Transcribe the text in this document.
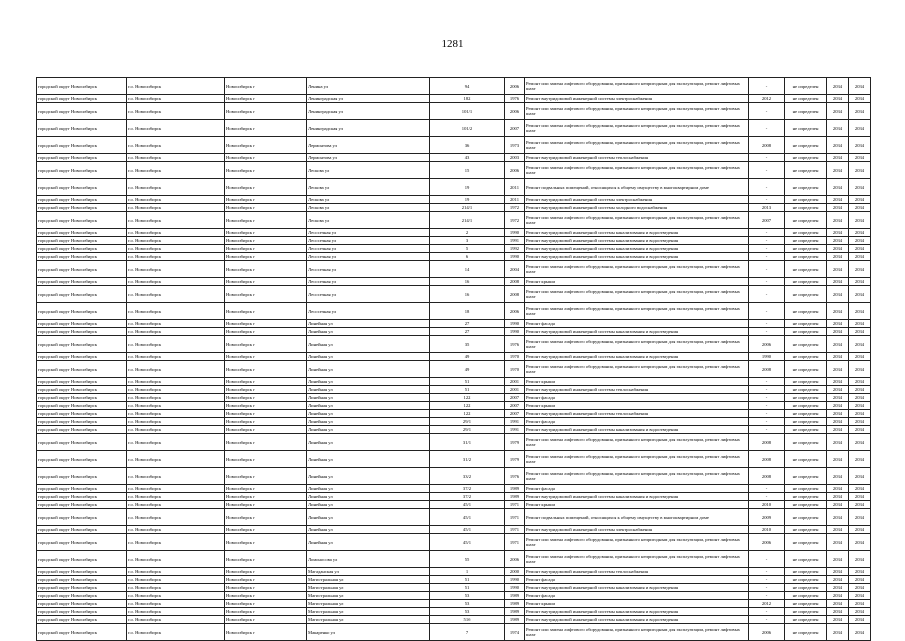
1281
городской округ Новосибирск	г.о. Новосибирск	Новосибирск г	Ленина ул	94	2006	Ремонт или замена лифтового оборудования, признанного непригодным для эксплуатации, ремонт лифтовых шахт	-	не определен	2034	2034
городской округ Новосибирск	г.о. Новосибирск	Новосибирск г	Ленинградская ул	182	1976	Ремонт внутридомовой инженерной системы электроснабжения	2012	не определен	2034	2034
городской округ Новосибирск	г.о. Новосибирск	Новосибирск г	Ленинградская ул	101/1	2006	Ремонт или замена лифтового оборудования, признанного непригодным для эксплуатации, ремонт лифтовых шахт	-	не определен	2034	2034
городской округ Новосибирск	г.о. Новосибирск	Новосибирск г	Ленинградская ул	101/2	2007	Ремонт или замена лифтового оборудования, признанного непригодным для эксплуатации, ремонт лифтовых шахт	-	не определен	2034	2034
городской округ Новосибирск	г.о. Новосибирск	Новосибирск г	Лермонтова ул	36	1973	Ремонт или замена лифтового оборудования, признанного непригодным для эксплуатации, ремонт лифтовых шахт	2008	не определен	2034	2034
городской округ Новосибирск	г.о. Новосибирск	Новосибирск г	Лермонтова ул	43	2003	Ремонт внутридомовой инженерной системы теплоснабжения	-	не определен	2034	2034
городской округ Новосибирск	г.о. Новосибирск	Новосибирск г	Лескова ул	15	2006	Ремонт или замена лифтового оборудования, признанного непригодным для эксплуатации, ремонт лифтовых шахт	-	не определен	2034	2034
городской округ Новосибирск	г.о. Новосибирск	Новосибирск г	Лескова ул	19	2011	Ремонт подвальных помещений, относящихся к общему имуществу в многоквартирном доме	-	не определен	2034	2034
городской округ Новосибирск	г.о. Новосибирск	Новосибирск г	Лескова ул	19	2011	Ремонт внутридомовой инженерной системы электроснабжения	-	не определен	2034	2034
городской округ Новосибирск	г.о. Новосибирск	Новосибирск г	Лескова ул	214/1	1972	Ремонт внутридомовой инженерной системы холодного водоснабжения	2013	не определен	2034	2034
городской округ Новосибирск	г.о. Новосибирск	Новосибирск г	Лескова ул	214/1	1972	Ремонт или замена лифтового оборудования, признанного непригодным для эксплуатации, ремонт лифтовых шахт	2007	не определен	2034	2034
городской округ Новосибирск	г.о. Новосибирск	Новосибирск г	Лесосечная ул	2	1990	Ремонт внутридомовой инженерной системы канализования и водоотведения	-	не определен	2034	2034
городской округ Новосибирск	г.о. Новосибирск	Новосибирск г	Лесосечная ул	3	1991	Ремонт внутридомовой инженерной системы канализования и водоотведения	-	не определен	2034	2034
городской округ Новосибирск	г.о. Новосибирск	Новосибирск г	Лесосечная ул	5	1992	Ремонт внутридомовой инженерной системы канализования и водоотведения	-	не определен	2034	2034
городской округ Новосибирск	г.о. Новосибирск	Новосибирск г	Лесосечная ул	6	1990	Ремонт внутридомовой инженерной системы канализования и водоотведения	-	не определен	2034	2034
городской округ Новосибирск	г.о. Новосибирск	Новосибирск г	Лесосечная ул	14	2004	Ремонт или замена лифтового оборудования, признанного непригодным для эксплуатации, ремонт лифтовых шахт	-	не определен	2034	2034
городской округ Новосибирск	г.о. Новосибирск	Новосибирск г	Лесосечная ул	16	2008	Ремонт крыши	-	не определен	2034	2034
городской округ Новосибирск	г.о. Новосибирск	Новосибирск г	Лесосечная ул	16	2008	Ремонт или замена лифтового оборудования, признанного непригодным для эксплуатации, ремонт лифтовых шахт	-	не определен	2034	2034
городской округ Новосибирск	г.о. Новосибирск	Новосибирск г	Лесосечная ул	18	2006	Ремонт или замена лифтового оборудования, признанного непригодным для эксплуатации, ремонт лифтовых шахт	-	не определен	2034	2034
городской округ Новосибирск	г.о. Новосибирск	Новосибирск г	Линейная ул	27	1990	Ремонт фасада	-	не определен	2034	2034
городской округ Новосибирск	г.о. Новосибирск	Новосибирск г	Линейная ул	27	1990	Ремонт внутридомовой инженерной системы канализования и водоотведения	-	не определен	2034	2034
городской округ Новосибирск	г.о. Новосибирск	Новосибирск г	Линейная ул	35	1976	Ремонт или замена лифтового оборудования, признанного непригодным для эксплуатации, ремонт лифтовых шахт	2006	не определен	2034	2034
городской округ Новосибирск	г.о. Новосибирск	Новосибирск г	Линейная ул	49	1970	Ремонт внутридомовой инженерной системы канализования и водоотведения	1990	не определен	2034	2034
городской округ Новосибирск	г.о. Новосибирск	Новосибирск г	Линейная ул	49	1970	Ремонт или замена лифтового оборудования, признанного непригодным для эксплуатации, ремонт лифтовых шахт	2008	не определен	2034	2034
городской округ Новосибирск	г.о. Новосибирск	Новосибирск г	Линейная ул	51	2001	Ремонт крыши	-	не определен	2034	2034
городской округ Новосибирск	г.о. Новосибирск	Новосибирск г	Линейная ул	51	2001	Ремонт внутридомовой инженерной системы теплоснабжения	-	не определен	2034	2034
городской округ Новосибирск	г.о. Новосибирск	Новосибирск г	Линейная ул	122	2007	Ремонт фасада	-	не определен	2034	2034
городской округ Новосибирск	г.о. Новосибирск	Новосибирск г	Линейная ул	122	2007	Ремонт крыши	-	не определен	2034	2034
городской округ Новосибирск	г.о. Новосибирск	Новосибирск г	Линейная ул	122	2007	Ремонт внутридомовой инженерной системы теплоснабжения	-	не определен	2034	2034
городской округ Новосибирск	г.о. Новосибирск	Новосибирск г	Линейная ул	29/1	1991	Ремонт фасада	-	не определен	2034	2034
городской округ Новосибирск	г.о. Новосибирск	Новосибирск г	Линейная ул	29/1	1991	Ремонт внутридомовой инженерной системы канализования и водоотведения	-	не определен	2034	2034
городской округ Новосибирск	г.о. Новосибирск	Новосибирск г	Линейная ул	31/1	1979	Ремонт или замена лифтового оборудования, признанного непригодным для эксплуатации, ремонт лифтовых шахт	2008	не определен	2034	2034
городской округ Новосибирск	г.о. Новосибирск	Новосибирск г	Линейная ул	31/2	1979	Ремонт или замена лифтового оборудования, признанного непригодным для эксплуатации, ремонт лифтовых шахт	2008	не определен	2034	2034
городской округ Новосибирск	г.о. Новосибирск	Новосибирск г	Линейная ул	33/2	1976	Ремонт или замена лифтового оборудования, признанного непригодным для эксплуатации, ремонт лифтовых шахт	2008	не определен	2034	2034
городской округ Новосибирск	г.о. Новосибирск	Новосибирск г	Линейная ул	37/2	1989	Ремонт фасада	-	не определен	2034	2034
городской округ Новосибирск	г.о. Новосибирск	Новосибирск г	Линейная ул	37/2	1989	Ремонт внутридомовой инженерной системы канализования и водоотведения	-	не определен	2034	2034
городской округ Новосибирск	г.о. Новосибирск	Новосибирск г	Линейная ул	45/1	1971	Ремонт крыши	2010	не определен	2034	2034
городской округ Новосибирск	г.о. Новосибирск	Новосибирск г	Линейная ул	45/1	1971	Ремонт подвальных помещений, относящихся к общему имуществу в многоквартирном доме	2009	не определен	2034	2034
городской округ Новосибирск	г.о. Новосибирск	Новосибирск г	Линейная ул	45/1	1971	Ремонт внутридомовой инженерной системы электроснабжения	2010	не определен	2034	2034
городской округ Новосибирск	г.о. Новосибирск	Новосибирск г	Линейная ул	45/1	1971	Ремонт или замена лифтового оборудования, признанного непригодным для эксплуатации, ремонт лифтовых шахт	2006	не определен	2034	2034
городской округ Новосибирск	г.о. Новосибирск	Новосибирск г	Ломоносова ул	55	2006	Ремонт или замена лифтового оборудования, признанного непригодным для эксплуатации, ремонт лифтовых шахт	-	не определен	2034	2034
городской округ Новосибирск	г.о. Новосибирск	Новосибирск г	Магаданская ул	1	2000	Ремонт внутридомовой инженерной системы теплоснабжения	-	не определен	2034	2034
городской округ Новосибирск	г.о. Новосибирск	Новосибирск г	Магистральная ул	51	1990	Ремонт фасада	-	не определен	2034	2034
городской округ Новосибирск	г.о. Новосибирск	Новосибирск г	Магистральная ул	51	1990	Ремонт внутридомовой инженерной системы канализования и водоотведения	-	не определен	2034	2034
городской округ Новосибирск	г.о. Новосибирск	Новосибирск г	Магистральная ул	53	1989	Ремонт фасада	-	не определен	2034	2034
городской округ Новосибирск	г.о. Новосибирск	Новосибирск г	Магистральная ул	53	1989	Ремонт крыши	2012	не определен	2034	2034
городской округ Новосибирск	г.о. Новосибирск	Новосибирск г	Магистральная ул	53	1989	Ремонт внутридомовой инженерной системы канализования и водоотведения	-	не определен	2034	2034
городской округ Новосибирск	г.о. Новосибирск	Новосибирск г	Магистральная ул	51б	1989	Ремонт внутридомовой инженерной системы канализования и водоотведения	-	не определен	2034	2034
городской округ Новосибирск	г.о. Новосибирск	Новосибирск г	Макаренко ул	7	1974	Ремонт или замена лифтового оборудования, признанного непригодным для эксплуатации, ремонт лифтовых шахт	2006	не определен	2034	2034
